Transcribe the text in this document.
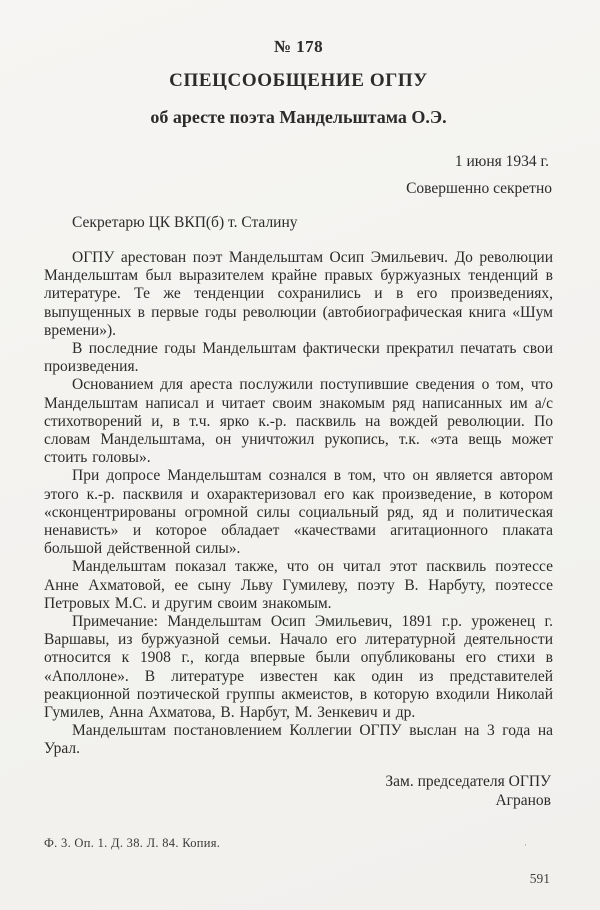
№ 178
СПЕЦСООБЩЕНИЕ ОГПУ
об аресте поэта Мандельштама О.Э.
1 июня 1934 г.
Совершенно секретно
Секретарю ЦК ВКП(б) т. Сталину

ОГПУ арестован поэт Мандельштам Осип Эмильевич. До революции Мандельштам был выразителем крайне правых буржуазных тенденций в литературе. Те же тенденции сохранились и в его произведениях, выпущенных в первые годы революции (автобиографическая книга «Шум времени»).

В последние годы Мандельштам фактически прекратил печатать свои произведения.

Основанием для ареста послужили поступившие сведения о том, что Мандельштам написал и читает своим знакомым ряд написанных им а/с стихотворений и, в т.ч. ярко к.-р. пасквиль на вождей революции. По словам Мандельштама, он уничтожил рукопись, т.к. «эта вещь может стоить головы».

При допросе Мандельштам сознался в том, что он является автором этого к.-р. пасквиля и охарактеризовал его как произведение, в котором «сконцентрированы огромной силы социальный ряд, яд и политическая ненависть» и которое обладает «качествами агитационного плаката большой действенной силы».

Мандельштам показал также, что он читал этот пасквиль поэтессе Анне Ахматовой, ее сыну Льву Гумилеву, поэту В. Нарбуту, поэтессе Петровых М.С. и другим своим знакомым.

Примечание: Мандельштам Осип Эмильевич, 1891 г.р. уроженец г. Варшавы, из буржуазной семьи. Начало его литературной деятельности относится к 1908 г., когда впервые были опубликованы его стихи в «Аполлоне». В литературе известен как один из представителей реакционной поэтической группы акмеистов, в которую входили Николай Гумилев, Анна Ахматова, В. Нарбут, М. Зенкевич и др.

Мандельштам постановлением Коллегии ОГПУ выслан на 3 года на Урал.

Зам. председателя ОГПУ
Агранов
Ф. 3. Оп. 1. Д. 38. Л. 84. Копия.	·
591
